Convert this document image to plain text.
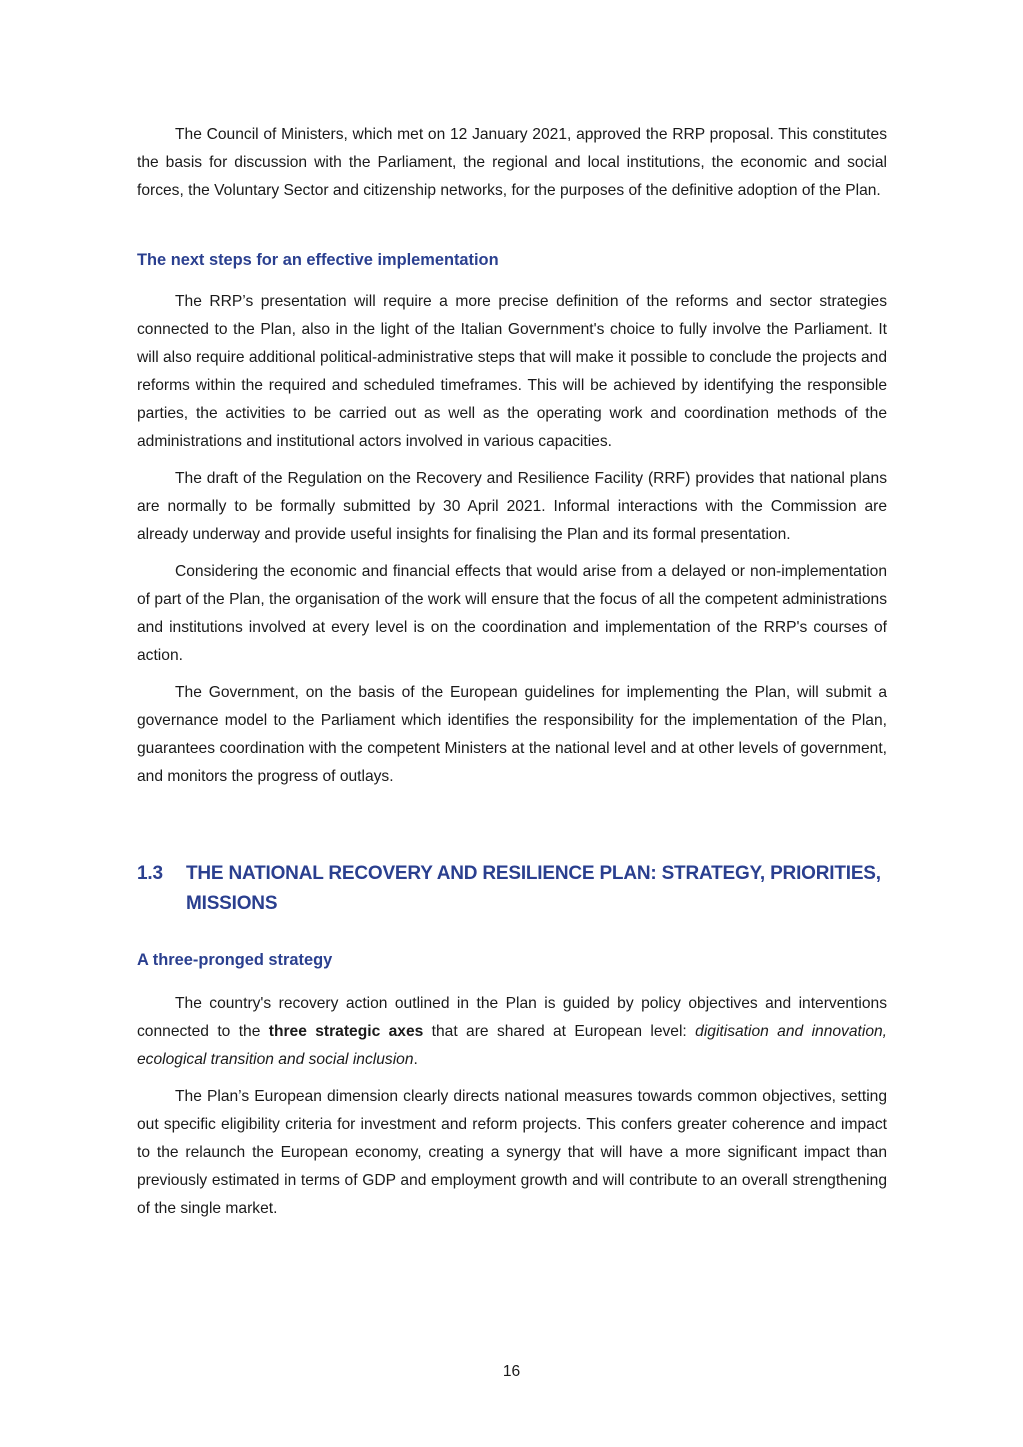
The Council of Ministers, which met on 12 January 2021, approved the RRP proposal. This constitutes the basis for discussion with the Parliament, the regional and local institutions, the economic and social forces, the Voluntary Sector and citizenship networks, for the purposes of the definitive adoption of the Plan.

The next steps for an effective implementation

The RRP’s presentation will require a more precise definition of the reforms and sector strategies connected to the Plan, also in the light of the Italian Government's choice to fully involve the Parliament. It will also require additional political-administrative steps that will make it possible to conclude the projects and reforms within the required and scheduled timeframes. This will be achieved by identifying the responsible parties, the activities to be carried out as well as the operating work and coordination methods of the administrations and institutional actors involved in various capacities.

The draft of the Regulation on the Recovery and Resilience Facility (RRF) provides that national plans are normally to be formally submitted by 30 April 2021. Informal interactions with the Commission are already underway and provide useful insights for finalising the Plan and its formal presentation.

Considering the economic and financial effects that would arise from a delayed or non-implementation of part of the Plan, the organisation of the work will ensure that the focus of all the competent administrations and institutions involved at every level is on the coordination and implementation of the RRP's courses of action.

The Government, on the basis of the European guidelines for implementing the Plan, will submit a governance model to the Parliament which identifies the responsibility for the implementation of the Plan, guarantees coordination with the competent Ministers at the national level and at other levels of government, and monitors the progress of outlays.

1.3 THE NATIONAL RECOVERY AND RESILIENCE PLAN: STRATEGY, PRIORITIES, MISSIONS
A three-pronged strategy

The country's recovery action outlined in the Plan is guided by policy objectives and interventions connected to the three strategic axes that are shared at European level: digitisation and innovation, ecological transition and social inclusion.

The Plan’s European dimension clearly directs national measures towards common objectives, setting out specific eligibility criteria for investment and reform projects. This confers greater coherence and impact to the relaunch the European economy, creating a synergy that will have a more significant impact than previously estimated in terms of GDP and employment growth and will contribute to an overall strengthening of the single market.

16
